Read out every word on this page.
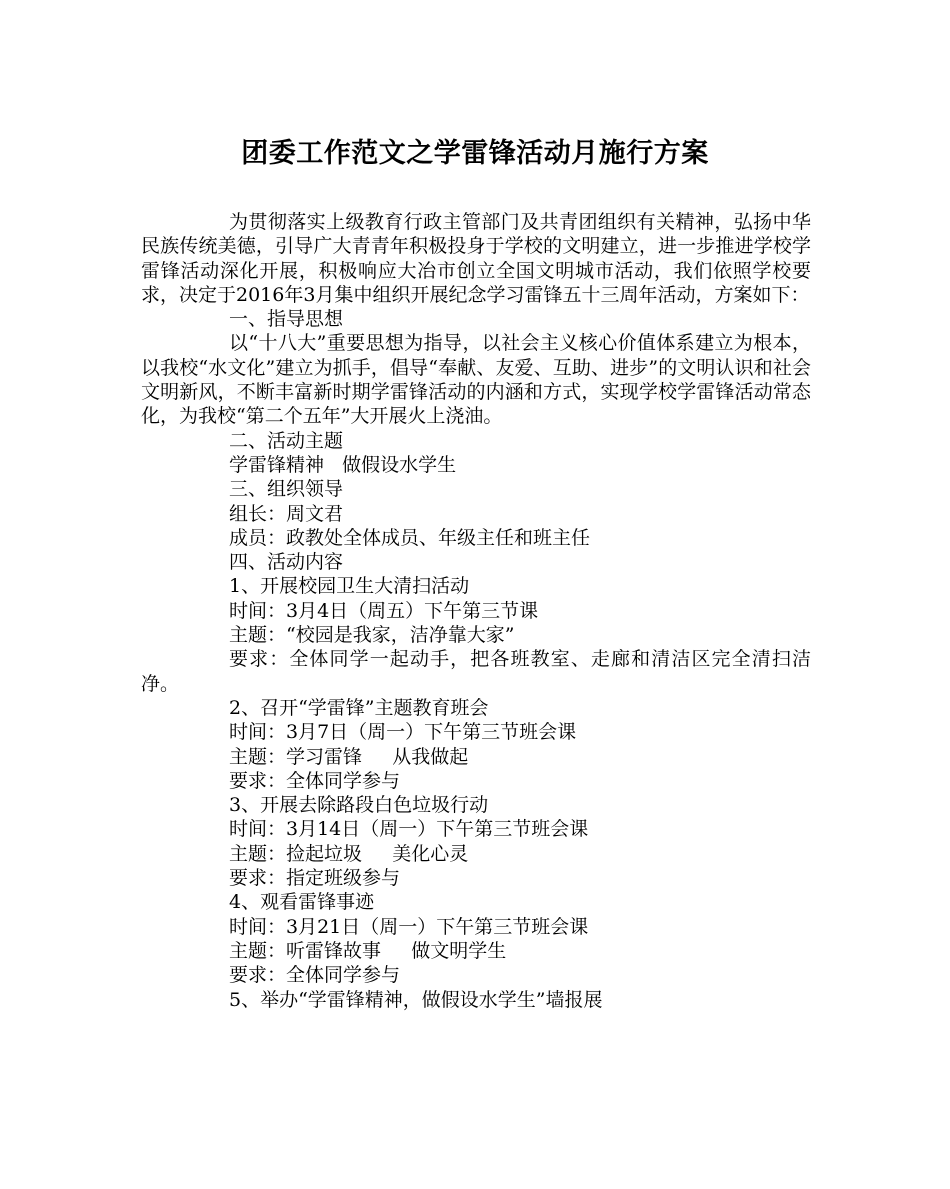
团委工作范文之学雷锋活动月施行方案

为贯彻落实上级教育行政主管部门及共青团组织有关精神，弘扬中华民族传统美德，引导广大青青年积极投身于学校的文明建立，进一步推进学校学雷锋活动深化开展，积极响应大冶市创立全国文明城市活动，我们依照学校要求，决定于2016年3月集中组织开展纪念学习雷锋五十三周年活动，方案如下：

一、指导思想

以“十八大”重要思想为指导，以社会主义核心价值体系建立为根本，以我校“水文化”建立为抓手，倡导“奉献、友爱、互助、进步”的文明认识和社会文明新风，不断丰富新时期学雷锋活动的内涵和方式，实现学校学雷锋活动常态化，为我校“第二个五年”大开展火上浇油。

二、活动主题

学雷锋精神 做假设水学生

三、组织领导

组长：周文君

成员：政教处全体成员、年级主任和班主任

四、活动内容

1、开展校园卫生大清扫活动

时间：3月4日（周五）下午第三节课

主题：“校园是我家，洁净靠大家”

要求：全体同学一起动手，把各班教室、走廊和清洁区完全清扫洁净。

2、召开“学雷锋”主题教育班会

时间：3月7日（周一）下午第三节班会课

主题：学习雷锋 从我做起

要求：全体同学参与

3、开展去除路段白色垃圾行动

时间：3月14日（周一）下午第三节班会课

主题：捡起垃圾 美化心灵

要求：指定班级参与

4、观看雷锋事迹

时间：3月21日（周一）下午第三节班会课

主题：听雷锋故事 做文明学生

要求：全体同学参与

5、举办“学雷锋精神，做假设水学生”墙报展
